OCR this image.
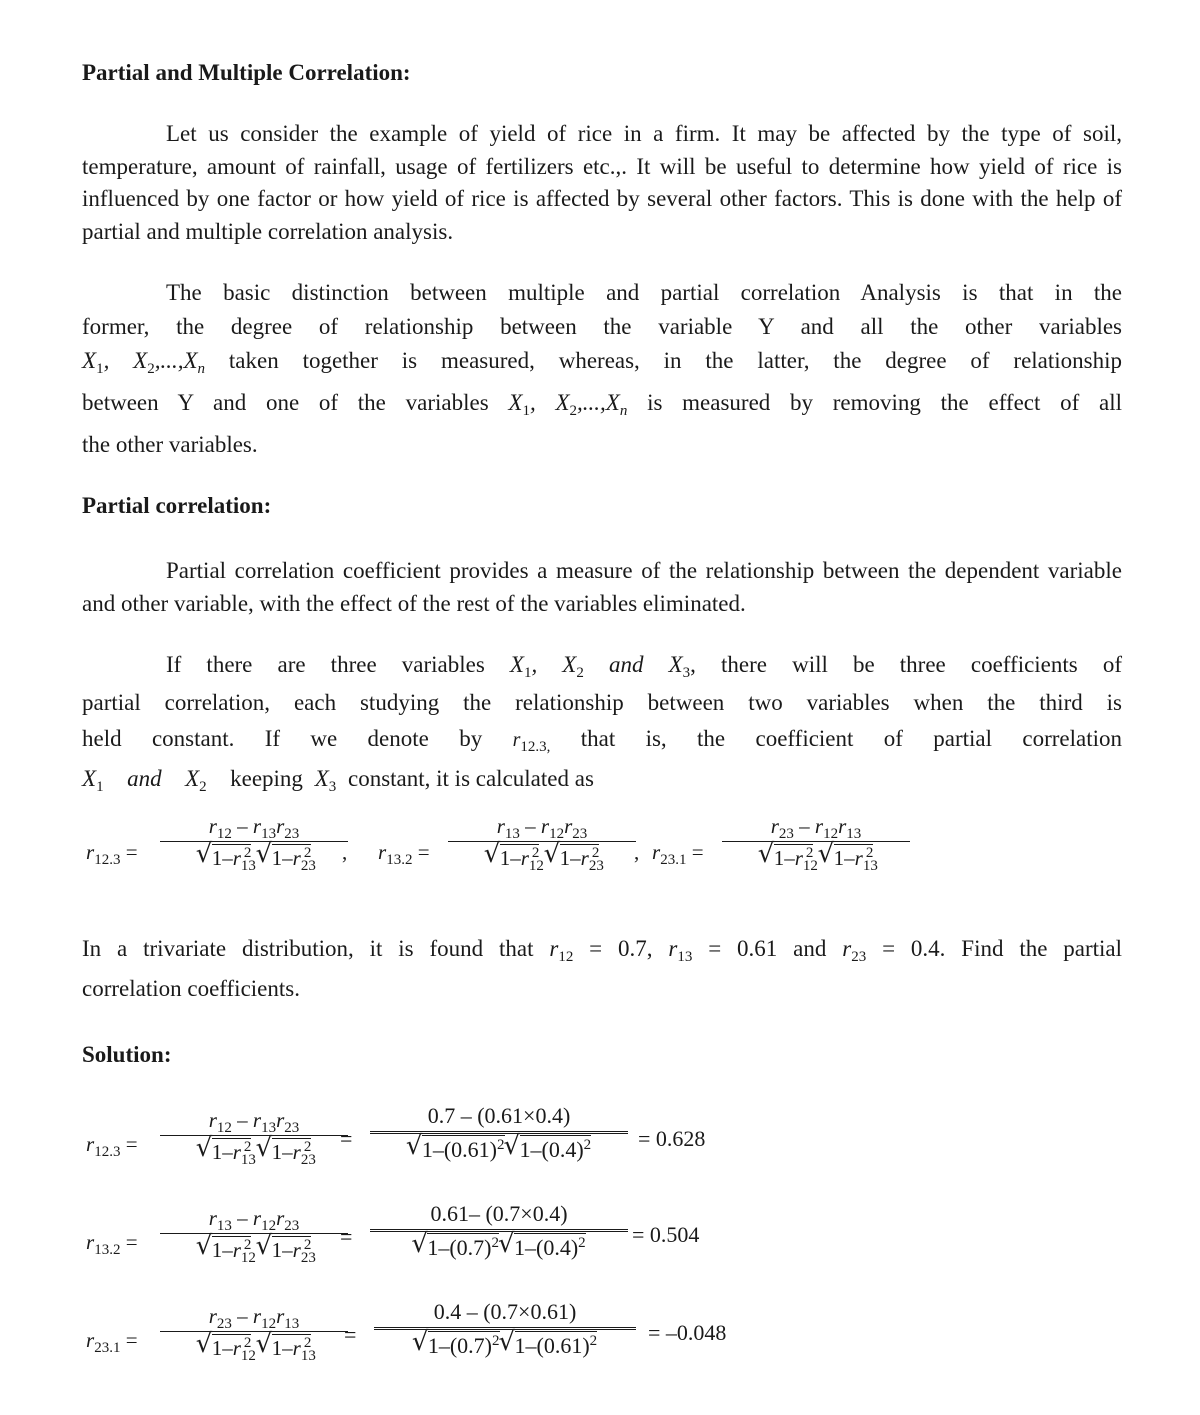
Partial and Multiple Correlation:
Let us consider the example of yield of rice in a firm. It may be affected by the type of soil, temperature, amount of rainfall, usage of fertilizers etc.,. It will be useful to determine how yield of rice is influenced by one factor or how yield of rice is affected by several other factors. This is done with the help of partial and multiple correlation analysis.
The basic distinction between multiple and partial correlation Analysis is that in the
former, the degree of relationship between the variable Y and all the other variables
$X_1$, $X_2,...,X_n$ taken together is measured, whereas, in the latter, the degree of relationship
between Y and one of the variables $X_1$, $X_2,...,X_n$ is measured by removing the effect of all
the other variables.
Partial correlation:
Partial correlation coefficient provides a measure of the relationship between the dependent variable and other variable, with the effect of the rest of the variables eliminated.
If there are three variables $X_1$, $X_2$ and $X_3$, there will be three coefficients of
partial correlation, each studying the relationship between two variables when the third is
held constant. If we denote by $r_{12.3,}$ that is, the coefficient of partial correlation
$X_1$ and $X_2$ keeping $X_3$ constant, it is calculated as
$r_{12.3}$ =
$r_{12} - r_{13}r_{23}$
√ $1-r_{13}^2$ √ $1-r_{23}^2$	, $r_{13.2}$ =
$r_{13} - r_{12}r_{23}$
√ $1-r_{12}^2$ √ $1-r_{23}^2$	, $r_{23.1}$ =
$r_{23} - r_{12}r_{13}$
√ $1-r_{12}^2$ √ $1-r_{13}^2$
In a trivariate distribution, it is found that $r_{12} = 0.7$, $r_{13} = 0.61$ and $r_{23} = 0.4$. Find the partial
correlation coefficients.
Solution:
$r_{12.3}$ =
$r_{12} - r_{13}r_{23}$
√ $1-r_{13}^2$ √ $1-r_{23}^2$	=
0.7 – (0.61×0.4)
√ $1-(0.61)^2√$ $1-(0.4)^2$	= 0.628
$r_{13.2}$ =
$r_{13} - r_{12}r_{23}$
√ $1-r_{12}^2$ √ $1-r_{23}^2$	=
0.61– (0.7×0.4)
√ $1-(0.7)^2√$ $1-(0.4)^2$	= 0.504
$r_{23.1}$ =
$r_{23} - r_{12}r_{13}$
√ $1-r_{12}^2$ √ $1-r_{13}^2$	=
0.4 – (0.7×0.61)
√ $1-(0.7)^2√$ $1-(0.61)^2$	= –0.048
